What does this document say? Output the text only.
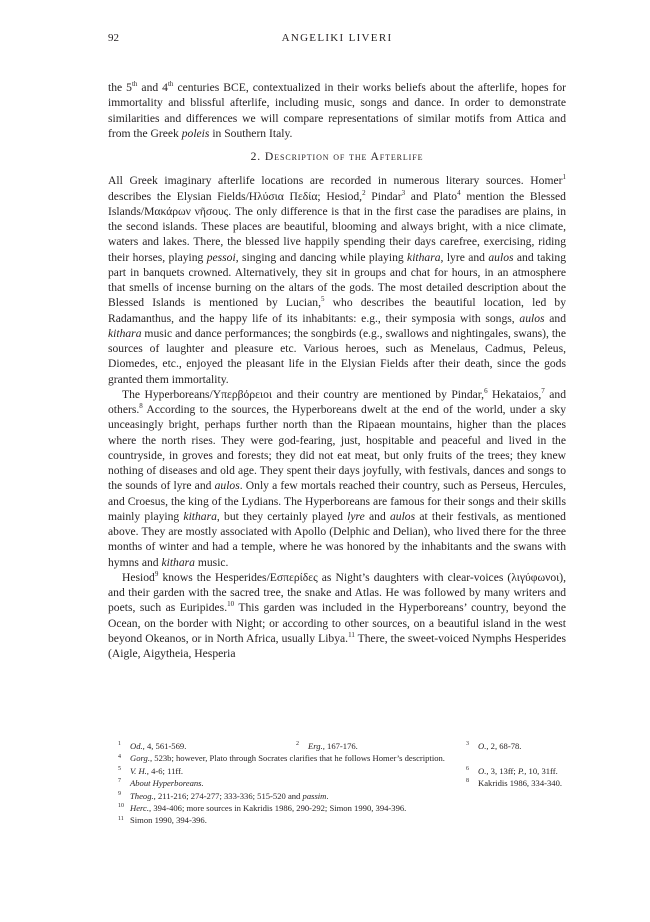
92	ANGELIKI LIVERI

the 5th and 4th centuries BCE, contextualized in their works beliefs about the afterlife, hopes for immortality and blissful afterlife, including music, songs and dance. In order to demonstrate similarities and differences we will compare representations of similar motifs from Attica and from the Greek poleis in Southern Italy.

2. Description of the Afterlife

All Greek imaginary afterlife locations are recorded in numerous literary sources. Homer$^1$ describes the Elysian Fields/Ηλύσια Πεδία; Hesiod,$^2$ Pindar$^3$ and Plato$^4$ mention the Blessed Islands/Μακάρων νῆσους. The only difference is that in the first case the paradises are plains, in the second islands. These places are beautiful, blooming and always bright, with a nice climate, waters and lakes. There, the blessed live happily spending their days carefree, exercising, riding their horses, playing pessoi, singing and dancing while playing kithara, lyre and aulos and taking part in banquets crowned. Alternatively, they sit in groups and chat for hours, in an atmosphere that smells of incense burning on the altars of the gods. The most detailed description about the Blessed Islands is mentioned by Lucian,$^5$ who describes the beautiful location, led by Radamanthus, and the happy life of its inhabitants: e.g., their symposia with songs, aulos and kithara music and dance performances; the songbirds (e.g., swallows and nightingales, swans), the sources of laughter and pleasure etc. Various heroes, such as Menelaus, Cadmus, Peleus, Diomedes, etc., enjoyed the pleasant life in the Elysian Fields after their death, since the gods granted them immortality.

The Hyperboreans/Υπερβόρειοι and their country are mentioned by Pindar,$^6$ Hekataios,$^7$ and others.$^8$ According to the sources, the Hyperboreans dwelt at the end of the world, under a sky unceasingly bright, perhaps further north than the Ripaean mountains, higher than the places where the north rises. They were god-fearing, just, hospitable and peaceful and lived in the countryside, in groves and forests; they did not eat meat, but only fruits of the trees; they knew nothing of diseases and old age. They spent their days joyfully, with festivals, dances and songs to the sounds of lyre and aulos. Only a few mortals reached their country, such as Perseus, Hercules, and Croesus, the king of the Lydians. The Hyperboreans are famous for their songs and their skills mainly playing kithara, but they certainly played lyre and aulos at their festivals, as mentioned above. They are mostly associated with Apollo (Delphic and Delian), who lived there for the three months of winter and had a temple, where he was honored by the inhabitants and the swans with hymns and kithara music.

Hesiod$^9$ knows the Hesperides/Εσπερίδες as Night’s daughters with clear-voices (λιγύφωνοι), and their garden with the sacred tree, the snake and Atlas. He was followed by many writers and poets, such as Euripides.$^{10}$ This garden was included in the Hyperboreans’ country, beyond the Ocean, on the border with Night; or according to other sources, on a beautiful island in the west beyond Okeanos, or in North Africa, usually Libya.$^{11}$ There, the sweet-voiced Nymphs Hesperides (Aigle, Aigytheia, Hesperia

1 Od., 4, 561-569.	2 Erg., 167-176.	3 O., 2, 68-78.
4 Gorg., 523b; however, Plato through Socrates clarifies that he follows Homer’s description.
5 V. H., 4-6; 11ff.	6 O., 3, 13ff; P., 10, 31ff.
7 About Hyperboreans.	8 Kakridis 1986, 334-340.
9 Theog., 211-216; 274-277; 333-336; 515-520 and passim.
10 Herc., 394-406; more sources in Kakridis 1986, 290-292; Simon 1990, 394-396.
11 Simon 1990, 394-396.
